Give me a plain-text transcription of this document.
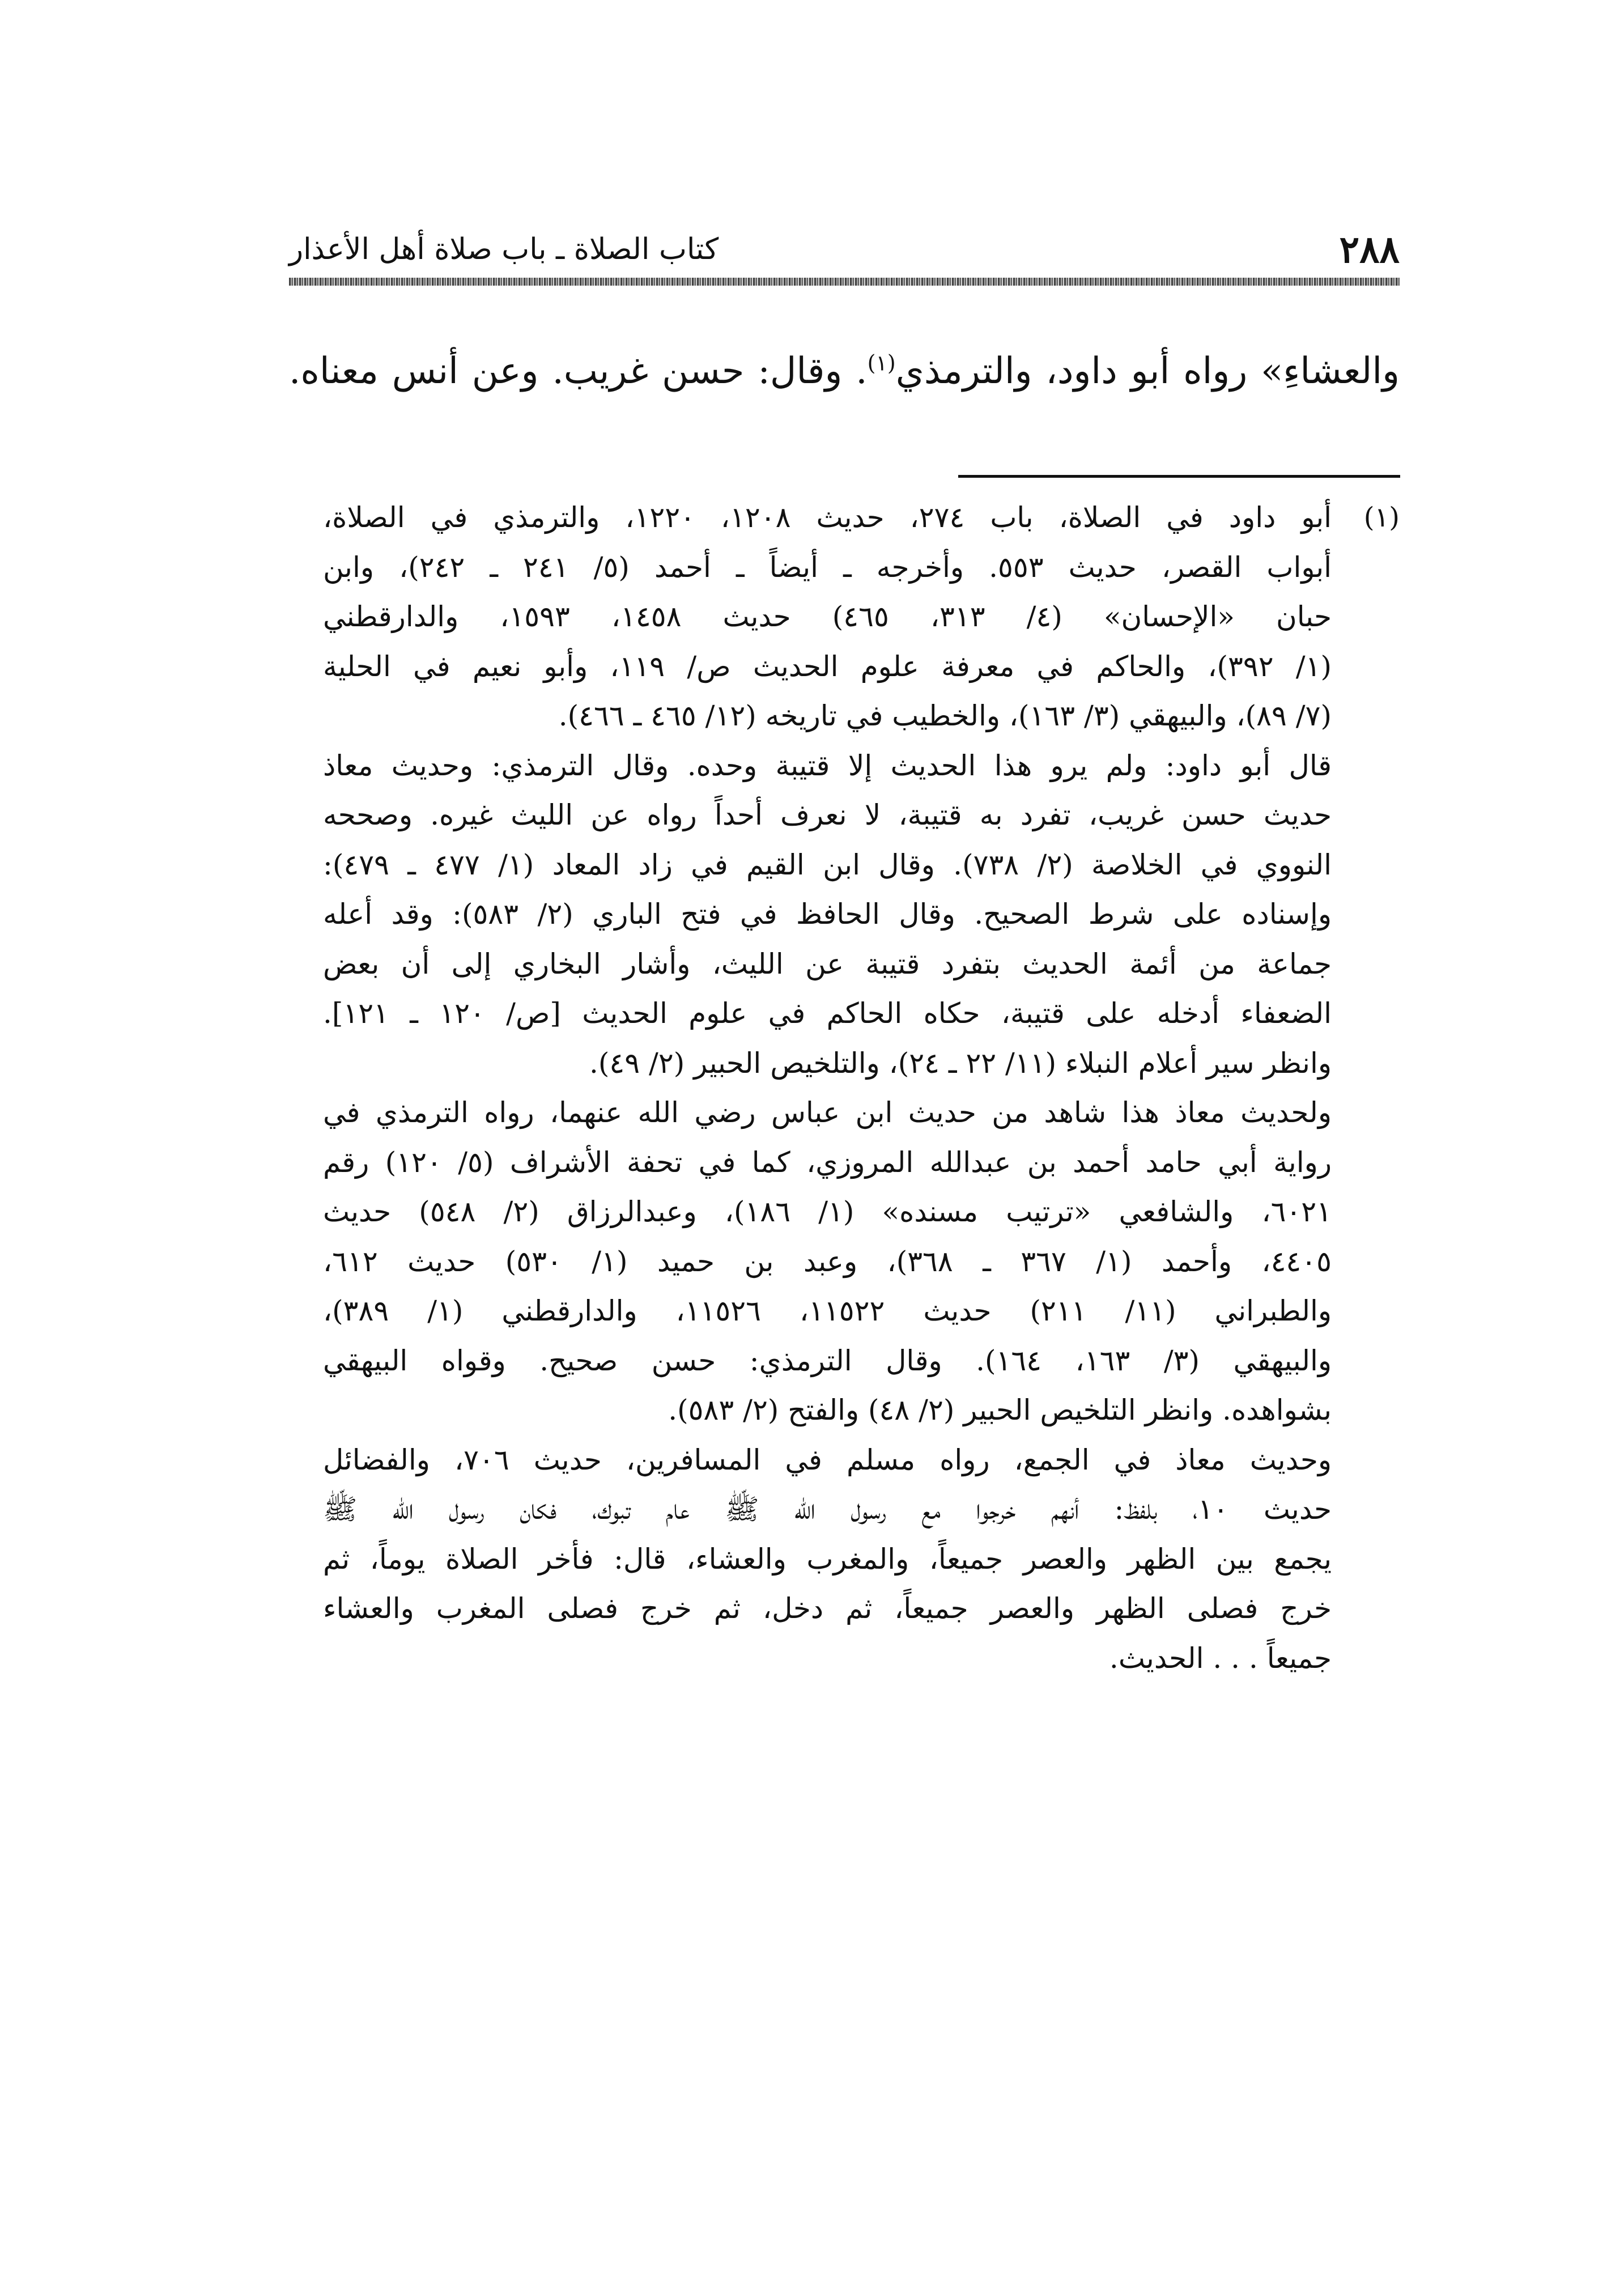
٢٨٨
كتاب الصلاة ـ باب صلاة أهل الأعذار
والعشاءِ» رواه أبو داود، والترمذي$^{(١)}$. وقال: حسن غريب. وعن أنس معناه.
(١)
أبو داود في الصلاة، باب ٢٧٤، حديث ١٢٠٨، ١٢٢٠، والترمذي في الصلاة،
أبواب القصر، حديث ٥٥٣. وأخرجه ـ أيضاً ـ أحمد (٥/ ٢٤١ ـ ٢٤٢)، وابن
حبان «الإحسان» (٤/ ٣١٣، ٤٦٥) حديث ١٤٥٨، ١٥٩٣، والدارقطني
(١/ ٣٩٢)، والحاكم في معرفة علوم الحديث ص/ ١١٩، وأبو نعيم في الحلية
(٧/ ٨٩)، والبيهقي (٣/ ١٦٣)، والخطيب في تاريخه (١٢/ ٤٦٥ ـ ٤٦٦).
قال أبو داود: ولم يرو هذا الحديث إلا قتيبة وحده. وقال الترمذي: وحديث معاذ
حديث حسن غريب، تفرد به قتيبة، لا نعرف أحداً رواه عن الليث غيره. وصححه
النووي في الخلاصة (٢/ ٧٣٨). وقال ابن القيم في زاد المعاد (١/ ٤٧٧ ـ ٤٧٩):
وإسناده على شرط الصحيح. وقال الحافظ في فتح الباري (٢/ ٥٨٣): وقد أعله
جماعة من أئمة الحديث بتفرد قتيبة عن الليث، وأشار البخاري إلى أن بعض
الضعفاء أدخله على قتيبة، حكاه الحاكم في علوم الحديث [ص/ ١٢٠ ـ ١٢١].
وانظر سير أعلام النبلاء (١١/ ٢٢ ـ ٢٤)، والتلخيص الحبير (٢/ ٤٩).
ولحديث معاذ هذا شاهد من حديث ابن عباس رضي الله عنهما، رواه الترمذي في
رواية أبي حامد أحمد بن عبدالله المروزي، كما في تحفة الأشراف (٥/ ١٢٠) رقم
٦٠٢١، والشافعي «ترتيب مسنده» (١/ ١٨٦)، وعبدالرزاق (٢/ ٥٤٨) حديث
٤٤٠٥، وأحمد (١/ ٣٦٧ ـ ٣٦٨)، وعبد بن حميد (١/ ٥٣٠) حديث ٦١٢،
والطبراني (١١/ ٢١١) حديث ١١٥٢٢، ١١٥٢٦، والدارقطني (١/ ٣٨٩)،
والبيهقي (٣/ ١٦٣، ١٦٤). وقال الترمذي: حسن صحيح. وقواه البيهقي
بشواهده. وانظر التلخيص الحبير (٢/ ٤٨) والفتح (٢/ ٥٨٣).
وحديث معاذ في الجمع، رواه مسلم في المسافرين، حديث ٧٠٦، والفضائل
حديث ١٠، بلفظ: أنهم خرجوا مع رسول الله ﷺ عام تبوك، فكان رسول الله ﷺ
يجمع بين الظهر والعصر جميعاً، والمغرب والعشاء، قال: فأخر الصلاة يوماً، ثم
خرج فصلى الظهر والعصر جميعاً، ثم دخل، ثم خرج فصلى المغرب والعشاء
جميعاً . . . الحديث.
